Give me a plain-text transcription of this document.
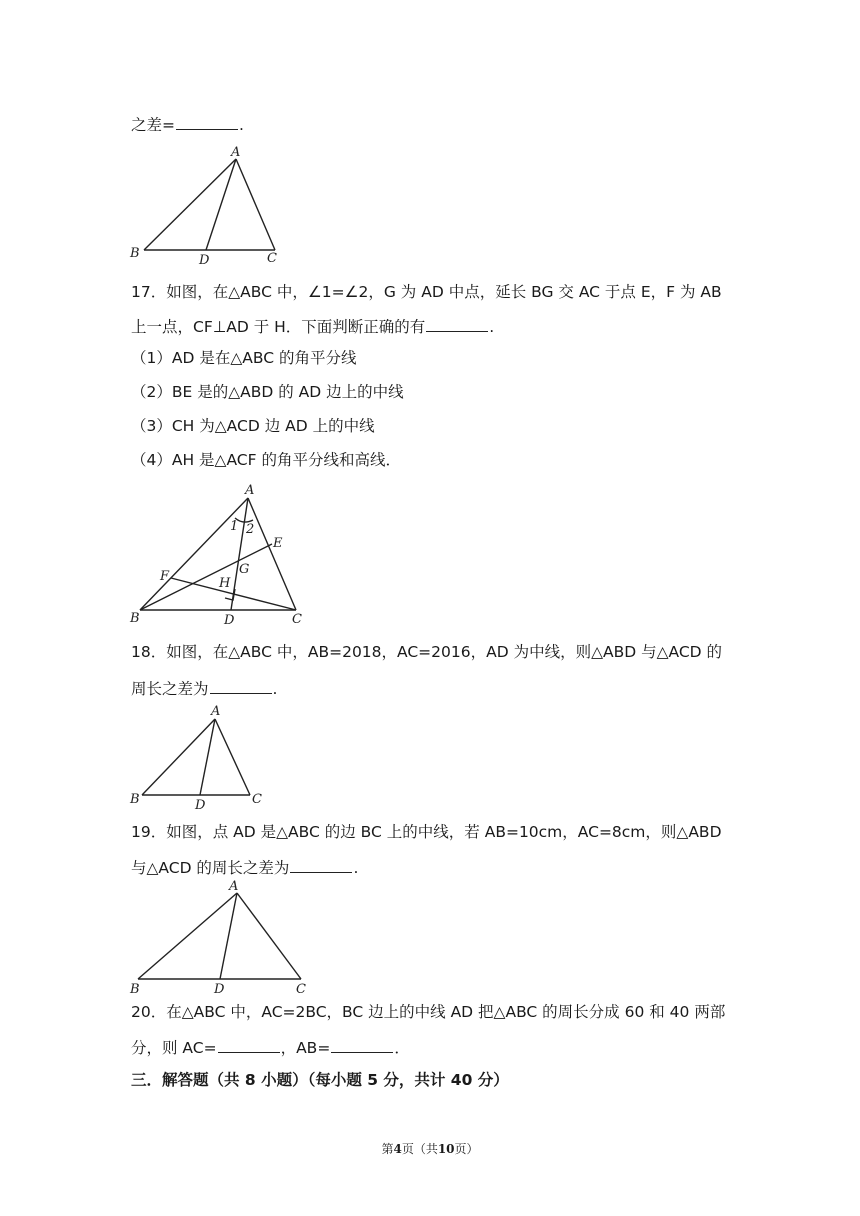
之差=	.
A
B	C
D
17．如图，在△ABC 中，∠1=∠2，G 为 AD 中点，延长 BG 交 AC 于点 E，F 为 AB
上一点，CF⊥AD 于 H．下面判断正确的有	.
（1）AD 是在△ABC 的角平分线
（2）BE 是的△ABD 的 AD 边上的中线
（3）CH 为△ACD 边 AD 上的中线
（4）AH 是△ACF 的角平分线和高线．
A
B	C
D
E
F	G
H
1 2
18．如图，在△ABC 中，AB=2018，AC=2016，AD 为中线，则△ABD 与△ACD 的
周长之差为	.
A
B	C
D
19．如图，点 AD 是△ABC 的边 BC 上的中线，若 AB=10cm，AC=8cm，则△ABD
与△ACD 的周长之差为	.
A
B	C
D
20．在△ABC 中，AC=2BC，BC 边上的中线 AD 把△ABC 的周长分成 60 和 40 两部
分，则 AC=	，AB=	．
三．解答题（共 8 小题）（每小题 5 分，共计 40 分）
第4页（共10页）
